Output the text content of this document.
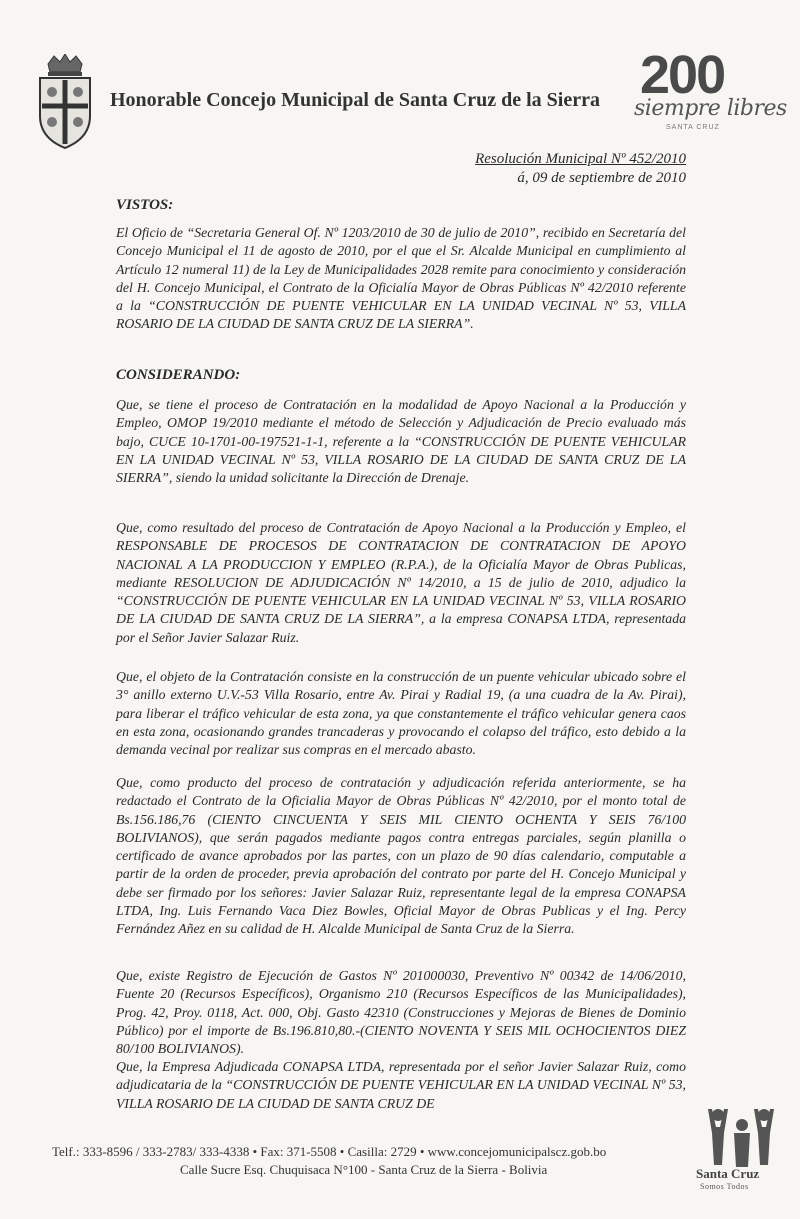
Honorable Concejo Municipal de Santa Cruz de la Sierra 200
siempre libres
SANTA CRUZ
Resolución Municipal Nº 452/2010
á, 09 de septiembre de 2010
VISTOS:
El Oficio de “Secretaria General Of. Nº 1203/2010 de 30 de julio de 2010”, recibido en Secretaría del Concejo Municipal el 11 de agosto de 2010, por el que el Sr. Alcalde Municipal en cumplimiento al Artículo 12 numeral 11) de la Ley de Municipalidades 2028 remite para conocimiento y consideración del H. Concejo Municipal, el Contrato de la Oficialía Mayor de Obras Públicas Nº 42/2010 referente a la “CONSTRUCCIÓN DE PUENTE VEHICULAR EN LA UNIDAD VECINAL Nº 53, VILLA ROSARIO DE LA CIUDAD DE SANTA CRUZ DE LA SIERRA”.
CONSIDERANDO:
Que, se tiene el proceso de Contratación en la modalidad de Apoyo Nacional a la Producción y Empleo, OMOP 19/2010 mediante el método de Selección y Adjudicación de Precio evaluado más bajo, CUCE 10-1701-00-197521-1-1, referente a la “CONSTRUCCIÓN DE PUENTE VEHICULAR EN LA UNIDAD VECINAL Nº 53, VILLA ROSARIO DE LA CIUDAD DE SANTA CRUZ DE LA SIERRA”, siendo la unidad solicitante la Dirección de Drenaje.
Que, como resultado del proceso de Contratación de Apoyo Nacional a la Producción y Empleo, el RESPONSABLE DE PROCESOS DE CONTRATACION DE CONTRATACION DE APOYO NACIONAL A LA PRODUCCION Y EMPLEO (R.P.A.), de la Oficialía Mayor de Obras Publicas, mediante RESOLUCION DE ADJUDICACIÓN Nº 14/2010, a 15 de julio de 2010, adjudico la “CONSTRUCCIÓN DE PUENTE VEHICULAR EN LA UNIDAD VECINAL Nº 53, VILLA ROSARIO DE LA CIUDAD DE SANTA CRUZ DE LA SIERRA”, a la empresa CONAPSA LTDA, representada por el Señor Javier Salazar Ruiz.
Que, el objeto de la Contratación consiste en la construcción de un puente vehicular ubicado sobre el 3° anillo externo U.V.-53 Villa Rosario, entre Av. Pirai y Radial 19, (a una cuadra de la Av. Pirai), para liberar el tráfico vehicular de esta zona, ya que constantemente el tráfico vehicular genera caos en esta zona, ocasionando grandes trancaderas y provocando el colapso del tráfico, esto debido a la demanda vecinal por realizar sus compras en el mercado abasto.
Que, como producto del proceso de contratación y adjudicación referida anteriormente, se ha redactado el Contrato de la Oficialia Mayor de Obras Públicas Nº 42/2010, por el monto total de Bs.156.186,76 (CIENTO CINCUENTA Y SEIS MIL CIENTO OCHENTA Y SEIS 76/100 BOLIVIANOS), que serán pagados mediante pagos contra entregas parciales, según planilla o certificado de avance aprobados por las partes, con un plazo de 90 días calendario, computable a partir de la orden de proceder, previa aprobación del contrato por parte del H. Concejo Municipal y debe ser firmado por los señores: Javier Salazar Ruiz, representante legal de la empresa CONAPSA LTDA, Ing. Luis Fernando Vaca Diez Bowles, Oficial Mayor de Obras Publicas y el Ing. Percy Fernández Añez en su calidad de H. Alcalde Municipal de Santa Cruz de la Sierra.
Que, existe Registro de Ejecución de Gastos Nº 201000030, Preventivo Nº 00342 de 14/06/2010, Fuente 20 (Recursos Específicos), Organismo 210 (Recursos Específicos de las Municipalidades), Prog. 42, Proy. 0118, Act. 000, Obj. Gasto 42310 (Construcciones y Mejoras de Bienes de Dominio Público) por el importe de Bs.196.810,80.-(CIENTO NOVENTA Y SEIS MIL OCHOCIENTOS DIEZ 80/100 BOLIVIANOS).
Que, la Empresa Adjudicada CONAPSA LTDA, representada por el señor Javier Salazar Ruiz, como adjudicataria de la “CONSTRUCCIÓN DE PUENTE VEHICULAR EN LA UNIDAD VECINAL Nº 53, VILLA ROSARIO DE LA CIUDAD DE SANTA CRUZ DE
Telf.: 333-8596 / 333-2783/ 333-4338 • Fax: 371-5508 • Casilla: 2729 • www.concejomunicipalscz.gob.bo
Calle Sucre Esq. Chuquisaca N°100 - Santa Cruz de la Sierra - Bolivia	Santa Cruz
Somos Todos
